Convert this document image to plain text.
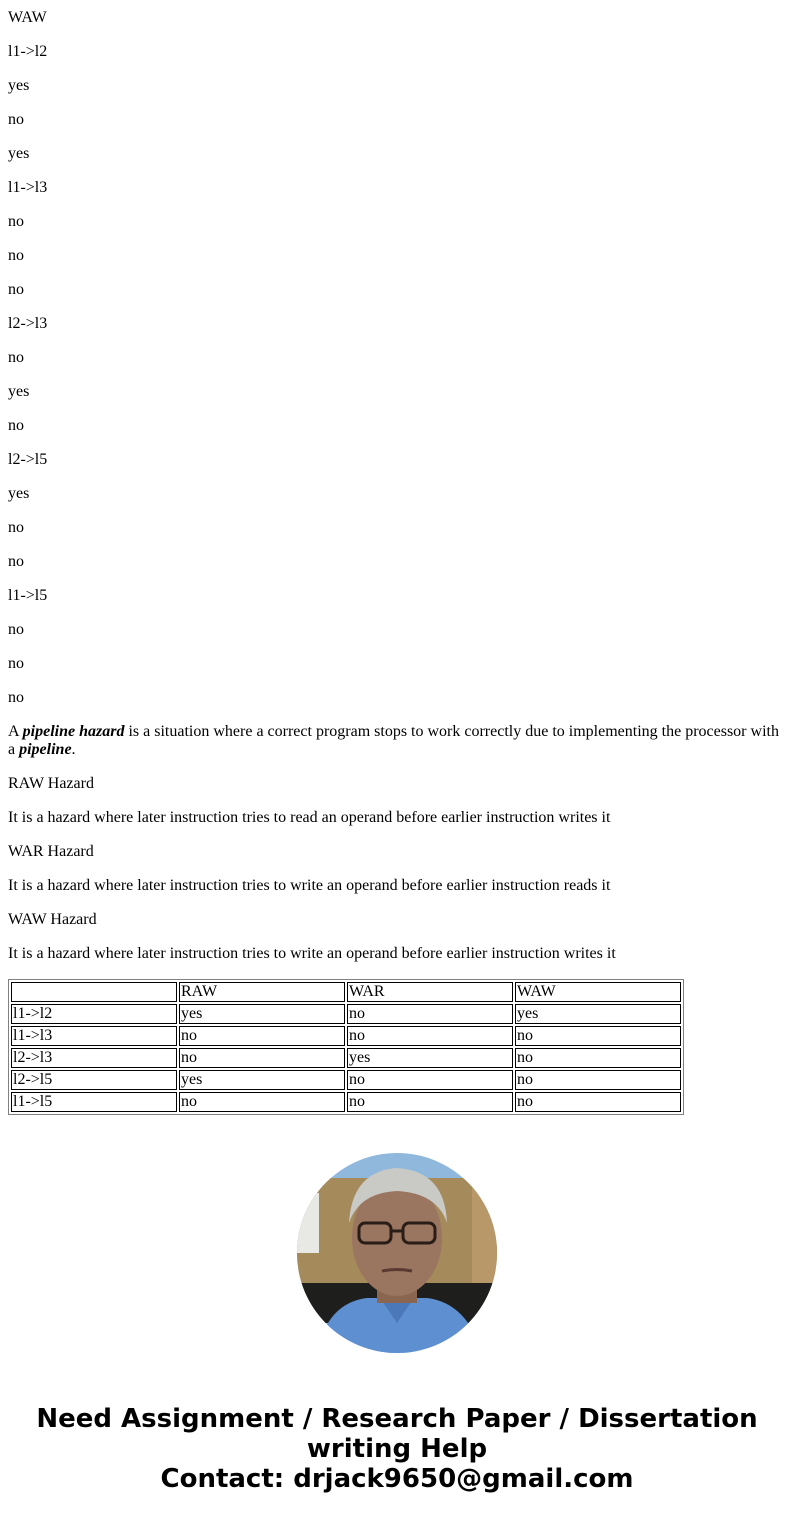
WAW

l1->l2

yes

no

yes

l1->l3

no

no

no

l2->l3

no

yes

no

l2->l5

yes

no

no

l1->l5

no

no

no

A pipeline hazard is a situation where a correct program stops to work correctly due to implementing the processor with a pipeline.

RAW Hazard

It is a hazard where later instruction tries to read an operand before earlier instruction writes it

WAR Hazard

It is a hazard where later instruction tries to write an operand before earlier instruction reads it

WAW Hazard

It is a hazard where later instruction tries to write an operand before earlier instruction writes it

	RAW	WAR	WAW
l1->l2	yes	no	yes
l1->l3	no	no	no
l2->l3	no	yes	no
l2->l5	yes	no	no
l1->l5	no	no	no
Need Assignment / Research Paper / Dissertation
writing Help
Contact: drjack9650@gmail.com
